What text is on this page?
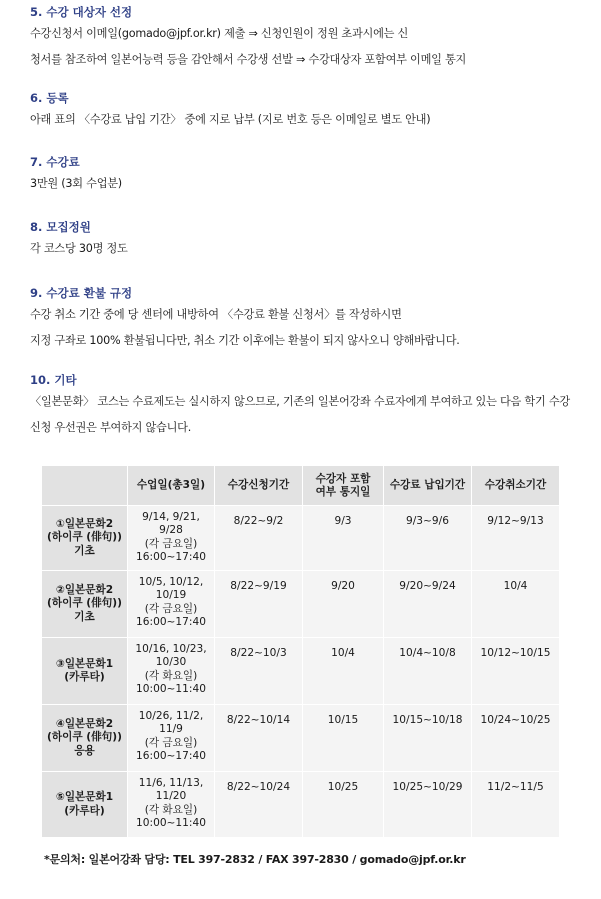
5. 수강 대상자 선정
수강신청서 이메일(gomado@jpf.or.kr) 제출 ⇒ 신청인원이 정원 초과시에는 신
청서를 참조하여 일본어능력 등을 감안해서 수강생 선발 ⇒ 수강대상자 포함여부 이메일 통지
6. 등록
아래 표의 〈수강료 납입 기간〉 중에 지로 납부 (지로 번호 등은 이메일로 별도 안내)
7. 수강료
3만원 (3회 수업분)
8. 모집정원
각 코스당 30명 정도
9. 수강료 환불 규정
수강 취소 기간 중에 당 센터에 내방하여 〈수강료 환불 신청서〉를 작성하시면
지정 구좌로 100% 환불됩니다만, 취소 기간 이후에는 환불이 되지 않사오니 양해바랍니다.
10. 기타
〈일본문화〉 코스는 수료제도는 실시하지 않으므로, 기존의 일본어강좌 수료자에게 부여하고 있는 다음 학기 수강
신청 우선권은 부여하지 않습니다.
	수업일(총3일)	수강신청기간	수강자 포함
여부 통지일	수강료 납입기간	수강취소기간
①일본문화2
(하이쿠 (俳句))
기초	9/14, 9/21,
9/28
(각 금요일)
16:00~17:40	8/22~9/2	9/3	9/3~9/6	9/12~9/13
②일본문화2
(하이쿠 (俳句))
기초	10/5, 10/12,
10/19
(각 금요일)
16:00~17:40	8/22~9/19	9/20	9/20~9/24	10/4
③일본문화1
(카루타)	10/16, 10/23,
10/30
(각 화요일)
10:00~11:40	8/22~10/3	10/4	10/4~10/8	10/12~10/15
④일본문화2
(하이쿠 (俳句))
응용	10/26, 11/2,
11/9
(각 금요일)
16:00~17:40	8/22~10/14	10/15	10/15~10/18	10/24~10/25
⑤일본문화1
(카루타)	11/6, 11/13,
11/20
(각 화요일)
10:00~11:40	8/22~10/24	10/25	10/25~10/29	11/2~11/5
*문의처: 일본어강좌 담당: TEL 397-2832 / FAX 397-2830 / gomado@jpf.or.kr
